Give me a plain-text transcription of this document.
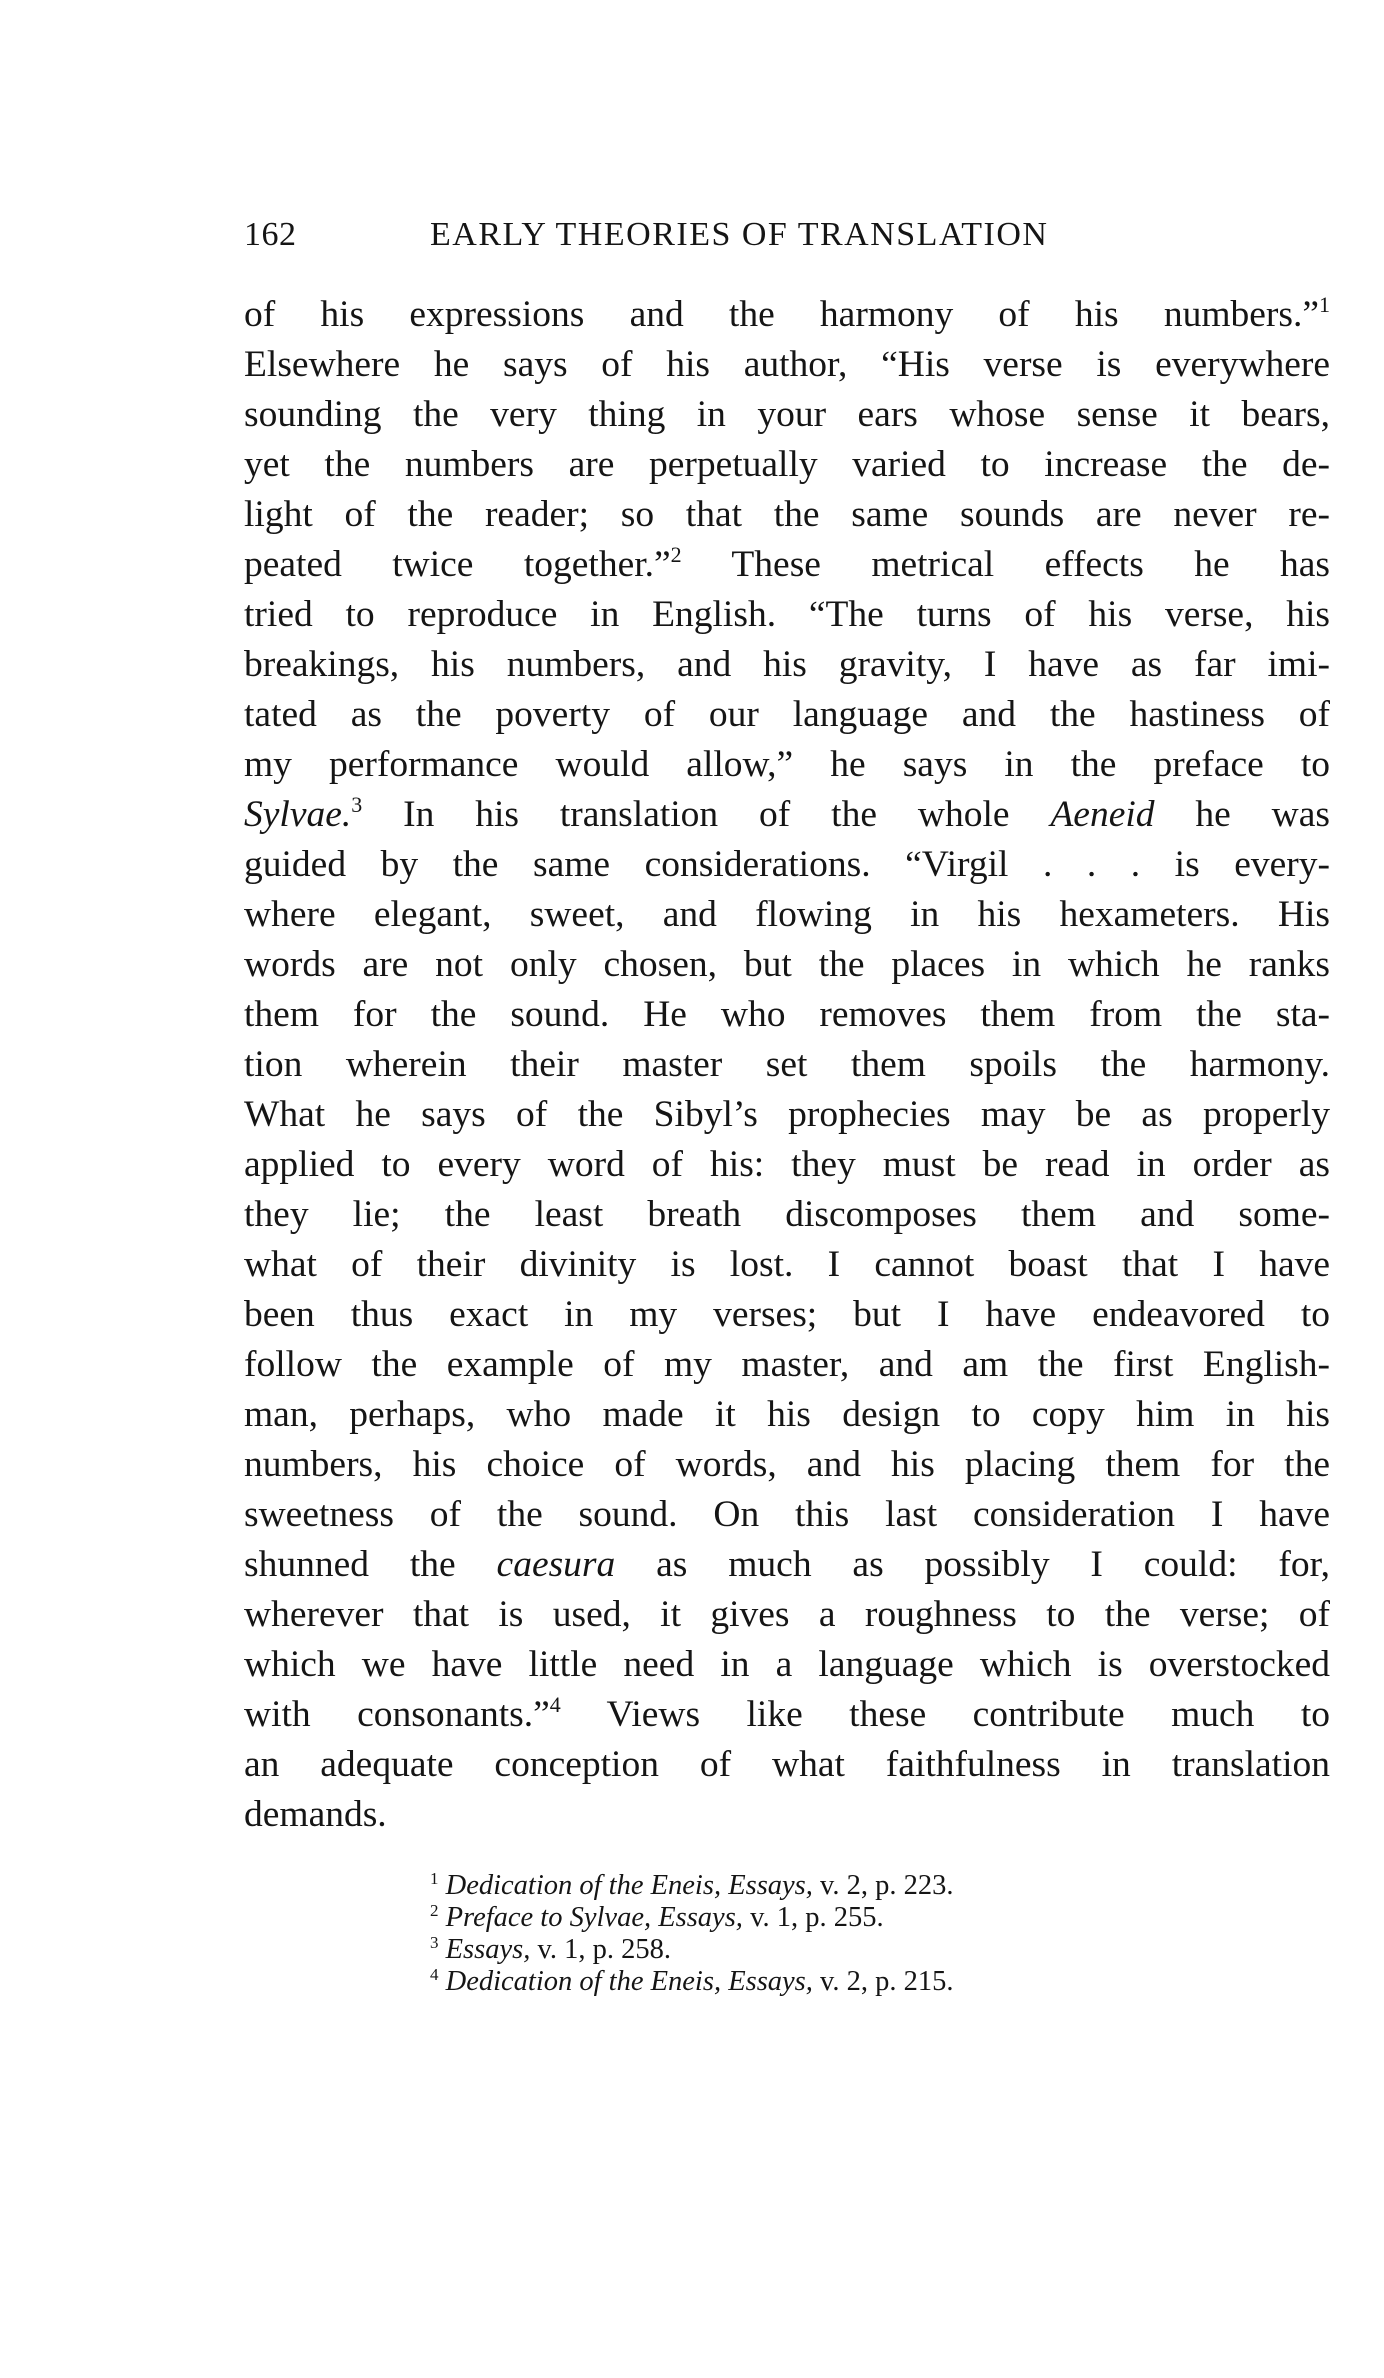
162	EARLY THEORIES OF TRANSLATION
of his expressions and the harmony of his numbers.”$^1$
Elsewhere he says of his author, “His verse is everywhere
sounding the very thing in your ears whose sense it bears,
yet the numbers are perpetually varied to increase the de-
light of the reader; so that the same sounds are never re-
peated twice together.”$^2$ These metrical effects he has
tried to reproduce in English. “The turns of his verse, his
breakings, his numbers, and his gravity, I have as far imi-
tated as the poverty of our language and the hastiness of
my performance would allow,” he says in the preface to
Sylvae.$^3$ In his translation of the whole Aeneid he was
guided by the same considerations. “Virgil . . . is every-
where elegant, sweet, and flowing in his hexameters. His
words are not only chosen, but the places in which he ranks
them for the sound. He who removes them from the sta-
tion wherein their master set them spoils the harmony.
What he says of the Sibyl’s prophecies may be as properly
applied to every word of his: they must be read in order as
they lie; the least breath discomposes them and some-
what of their divinity is lost. I cannot boast that I have
been thus exact in my verses; but I have endeavored to
follow the example of my master, and am the first English-
man, perhaps, who made it his design to copy him in his
numbers, his choice of words, and his placing them for the
sweetness of the sound. On this last consideration I have
shunned the caesura as much as possibly I could: for,
wherever that is used, it gives a roughness to the verse; of
which we have little need in a language which is overstocked
with consonants.”$^4$ Views like these contribute much to
an adequate conception of what faithfulness in translation
demands.
$^1$ Dedication of the Eneis, Essays, v. 2, p. 223.
$^2$ Preface to Sylvae, Essays, v. 1, p. 255.
$^3$ Essays, v. 1, p. 258.
$^4$ Dedication of the Eneis, Essays, v. 2, p. 215.
